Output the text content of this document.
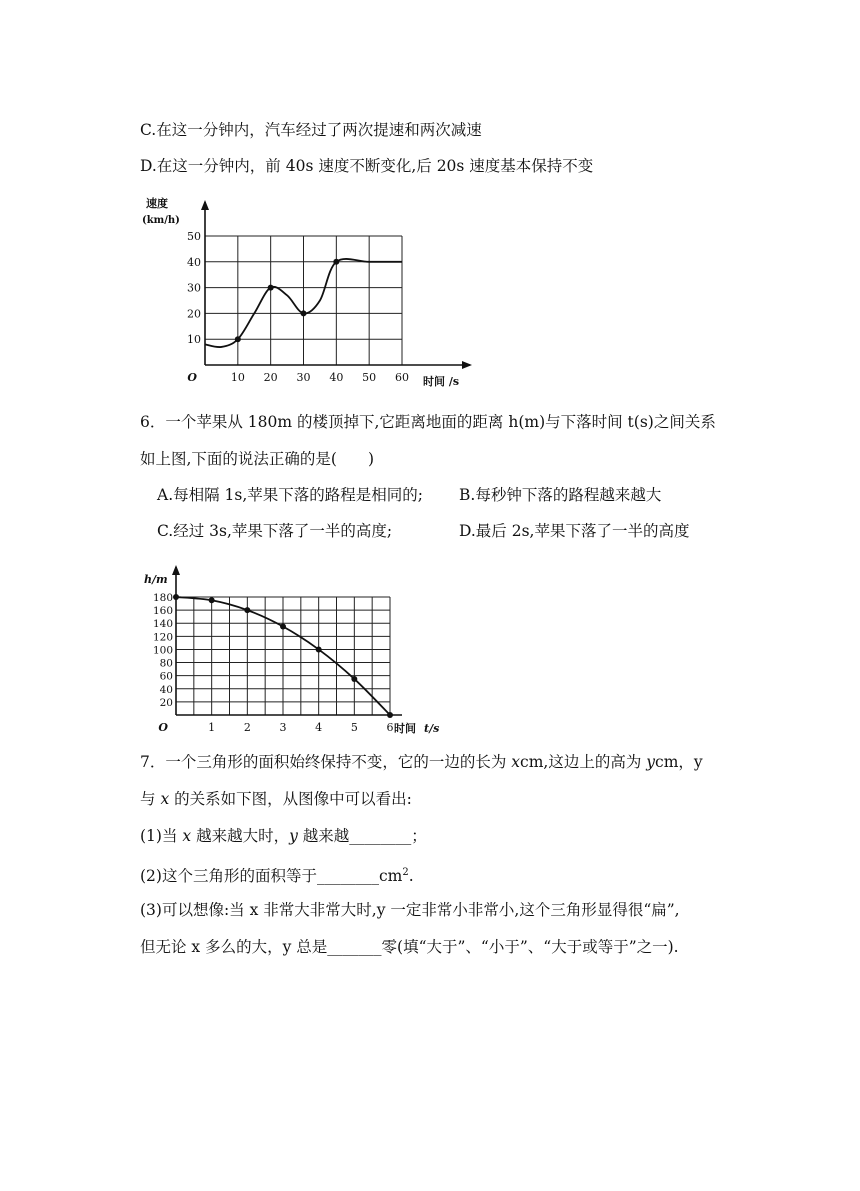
C.在这一分钟内，汽车经过了两次提速和两次减速
D.在这一分钟内，前 40s 速度不断变化,后 20s 速度基本保持不变
速度
(km/h)
10
20
30
40
50
10 20 30 40 50 60
O	时间 /s
6．一个苹果从 180m 的楼顶掉下,它距离地面的距离 h(m)与下落时间 t(s)之间关系
如上图,下面的说法正确的是(　　)
A.每相隔 1s,苹果下落的路程是相同的; B.每秒钟下落的路程越来越大
C.经过 3s,苹果下落了一半的高度;	D.最后 2s,苹果下落了一半的高度
h/m
20
40
60
80
100
120
140
160
180
1	2	3	4	5	6
O	时间 t/s
7．一个三角形的面积始终保持不变，它的一边的长为 xcm,这边上的高为 ycm，y
与 x 的关系如下图，从图像中可以看出:
(1)当 x 越来越大时，y 越来越________；
(2)这个三角形的面积等于$\_\_\_\_\_\_\_\_cm^2$.
(3)可以想像:当 x 非常大非常大时,y 一定非常小非常小,这个三角形显得很“扁”,
但无论 x 多么的大，y 总是_______零(填“大于”、“小于”、“大于或等于”之一).
